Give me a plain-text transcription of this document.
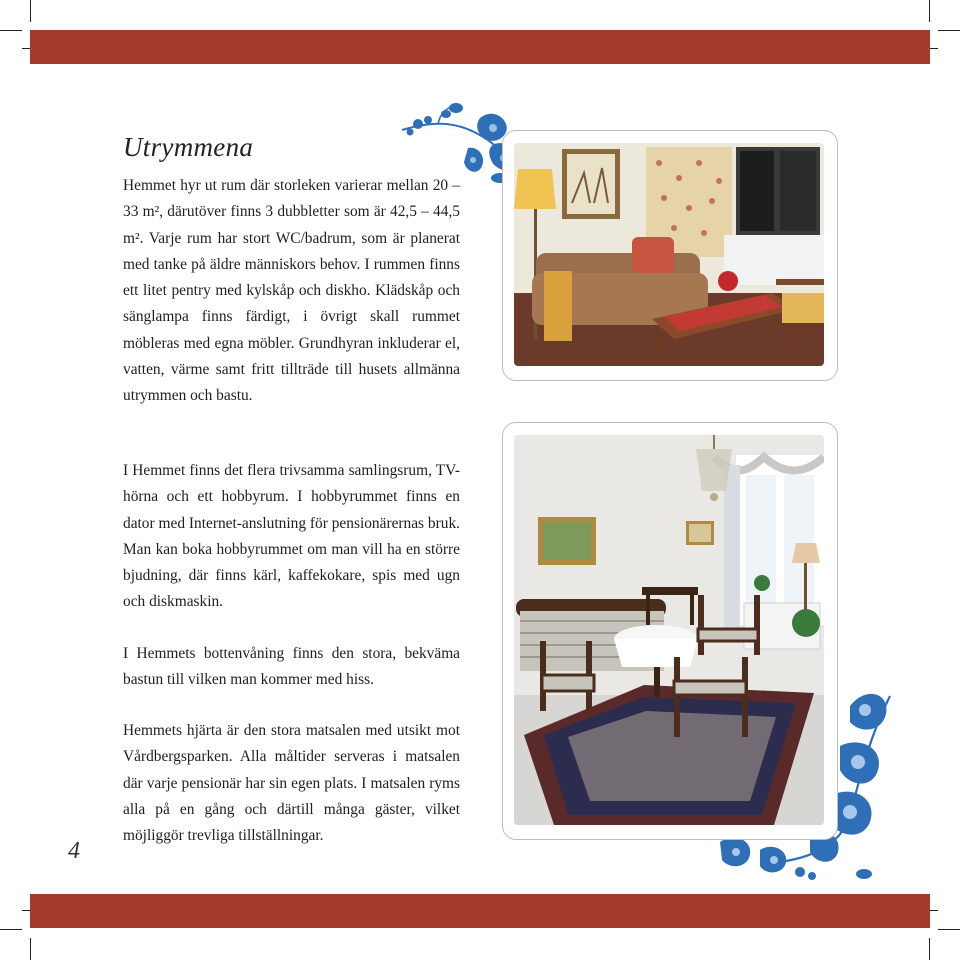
Utrymmena

Hemmet hyr ut rum där storleken varierar mellan 20 – 33 m², därutöver finns 3 dubbletter som är 42,5 – 44,5 m². Varje rum har stort WC/badrum, som är planerat med tanke på äldre människors behov. I rummen finns ett litet pentry med kylskåp och diskho. Klädskåp och sänglampa finns färdigt, i övrigt skall rummet möbleras med egna möbler. Grundhyran inkluderar el, vatten, värme samt fritt tillträde till husets allmänna utrymmen och bastu.

I Hemmet finns det flera trivsamma samlingsrum, TV-hörna och ett hobbyrum. I hobbyrummet finns en dator med Internet-anslutning för pensionärernas bruk. Man kan boka hobbyrummet om man vill ha en större bjudning, där finns kärl, kaffekokare, spis med ugn och diskmaskin.

I Hemmets bottenvåning finns den stora, bekväma bastun till vilken man kommer med hiss.

Hemmets hjärta är den stora matsalen med utsikt mot Vårdbergsparken. Alla måltider serveras i matsalen där varje pensionär har sin egen plats. I matsalen ryms alla på en gång och därtill många gäster, vilket möjliggör trevliga tillställningar.

4
